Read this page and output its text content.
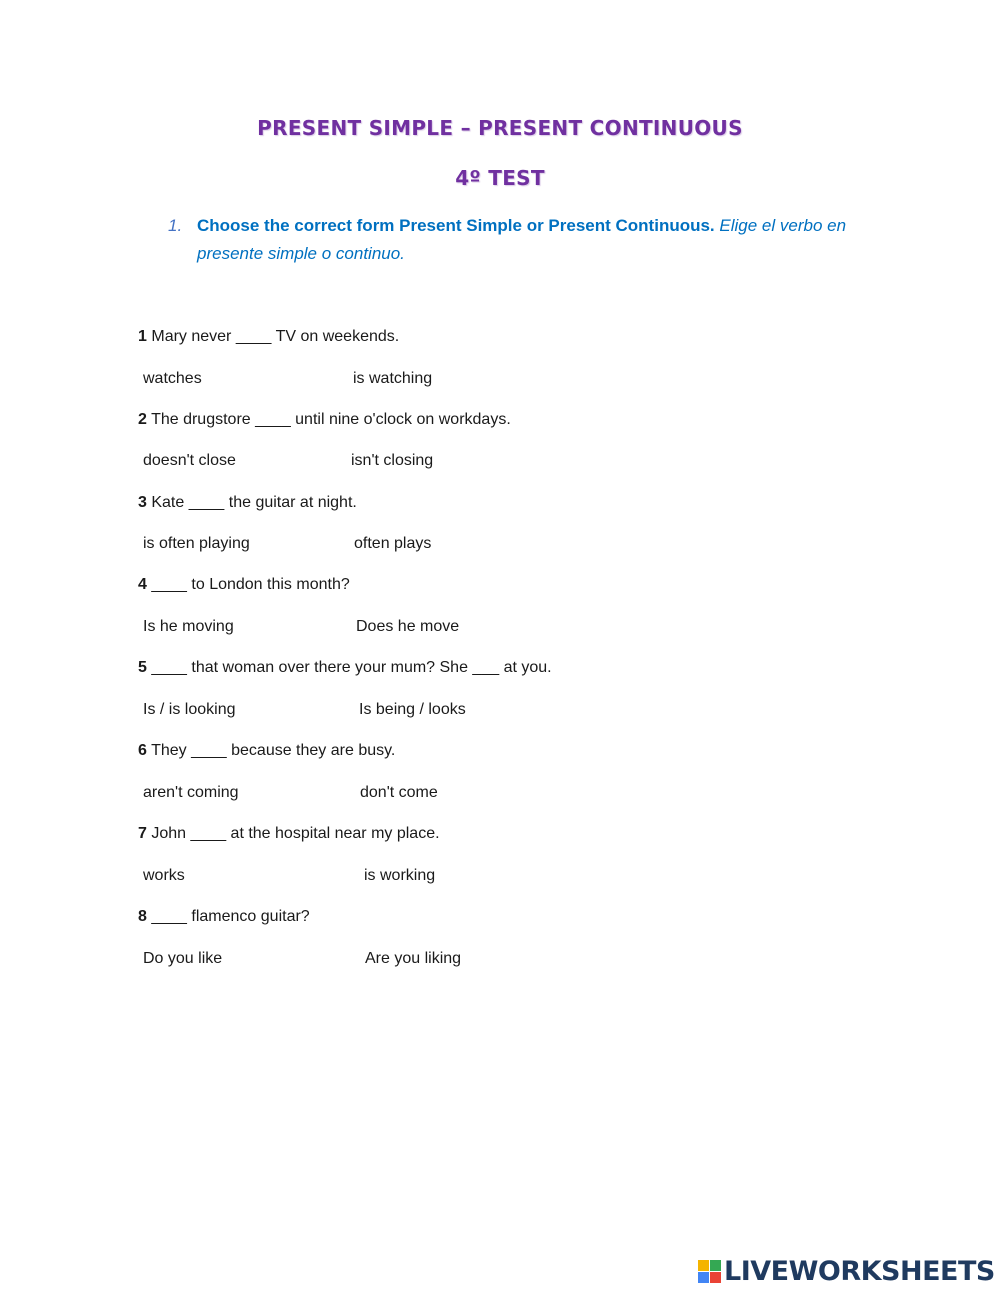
PRESENT SIMPLE – PRESENT CONTINUOUS
4º TEST
1. Choose the correct form Present Simple or Present Continuous. Elige el verbo en presente simple o continuo.
1 Mary never ____ TV on weekends.
watches	is watching
2 The drugstore ____ until nine o'clock on workdays.
doesn't close	isn't closing
3 Kate ____ the guitar at night.
is often playing	often plays
4 ____ to London this month?
Is he moving	Does he move
5 ____ that woman over there your mum? She ___ at you.
Is / is looking	Is being / looks
6 They ____ because they are busy.
aren't coming	don't come
7 John ____ at the hospital near my place.
works	is working
8 ____ flamenco guitar?
Do you like	Are you liking
LIVEWORKSHEETS
